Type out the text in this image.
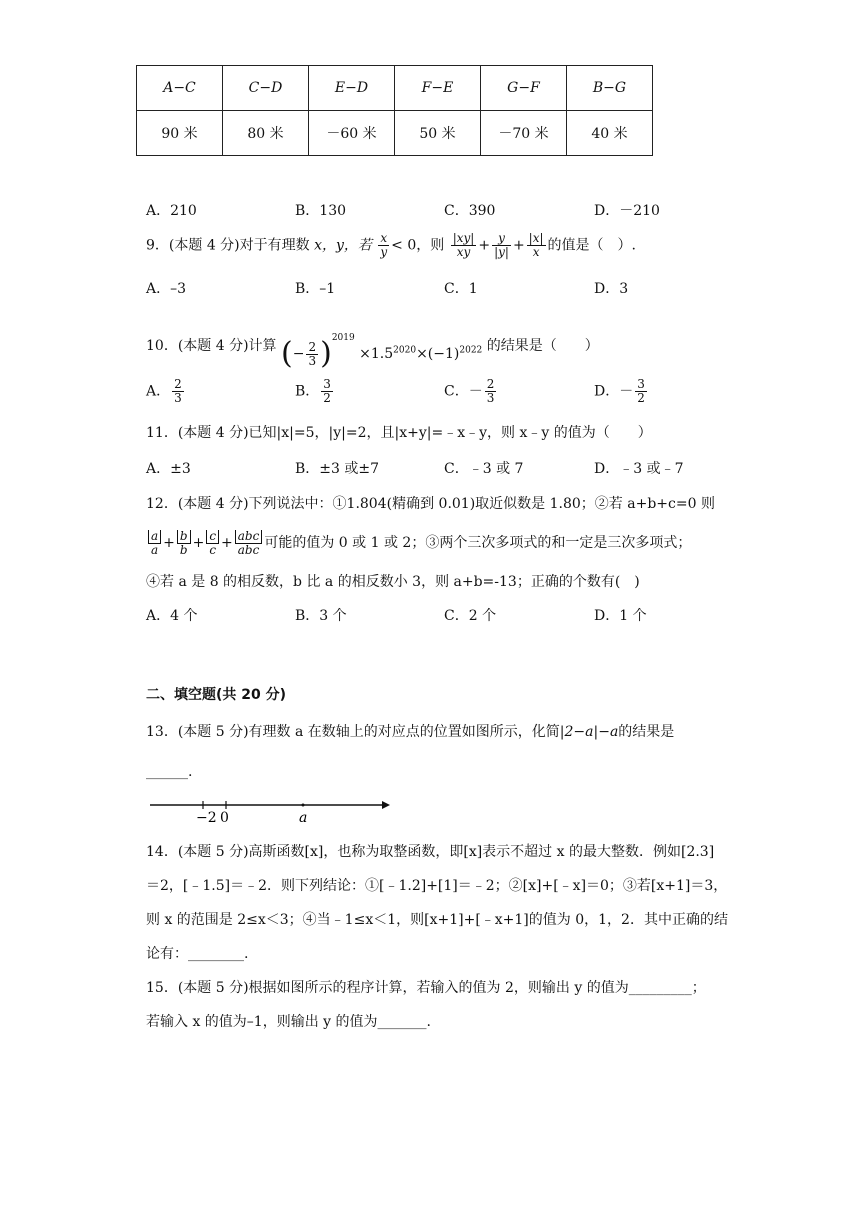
A−C	C−D	E−D	F−E	G−F	B−G
90 米	80 米	－60 米	50 米	－70 米	40 米
A．210	B．130	C．390	D．－210
9．(本题 4 分)对于有理数 x，y，若 $\frac{x}{y} < 0$，则 $\frac{|xy|}{xy} + \frac{y}{|y|} + \frac{|x|}{x}$ 的值是（　）.
A．–3	B．–1	C．1	D．3
10．(本题 4 分)计算 (− $\frac{2}{3} )^{2019} \times 1.5^{2020}\times(-1)^{2022}$ 的结果是（　　）
A． $\frac{2}{3}$	B． $\frac{3}{2}$	C．－ $\frac{2}{3}$	D．－ $\frac{3}{2}$
11．(本题 4 分)已知|x|=5，|y|=2，且|x+y|=﹣x﹣y，则 x﹣y 的值为（　　）
A．±3	B．±3 或±7	C．﹣3 或 7	D．﹣3 或﹣7
12．(本题 4 分)下列说法中：①1.804(精确到 0.01)取近似数是 1.80；②若 a+b+c=0 则
$\frac{a}{a} + \frac{b}{b} + \frac{c}{c} + \frac{\text{abc}}{\text{abc}}$ 可能的值为 0 或 1 或 2；③两个三次多项式的和一定是三次多项式；
④若 a 是 8 的相反数，b 比 a 的相反数小 3，则 a+b=-13；正确的个数有(　)
A．4 个	B．3 个	C．2 个	D．1 个
二、填空题(共 20 分)
13．(本题 5 分)有理数 a 在数轴上的对应点的位置如图所示，化简|2−a|−a的结果是
______.
−2 0	a
14．(本题 5 分)高斯函数[x]，也称为取整函数，即[x]表示不超过 x 的最大整数．例如[2.3]
＝2，[﹣1.5]＝﹣2．则下列结论：①[﹣1.2]+[1]＝﹣2；②[x]+[﹣x]＝0；③若[x+1]＝3，
则 x 的范围是 2≤x＜3；④当﹣1≤x＜1，则[x+1]+[﹣x+1]的值为 0，1，2．其中正确的结
论有：________.
15．(本题 5 分)根据如图所示的程序计算，若输入的值为 2，则输出 y 的值为_________；
若输入 x 的值为–1，则输出 y 的值为_______.
